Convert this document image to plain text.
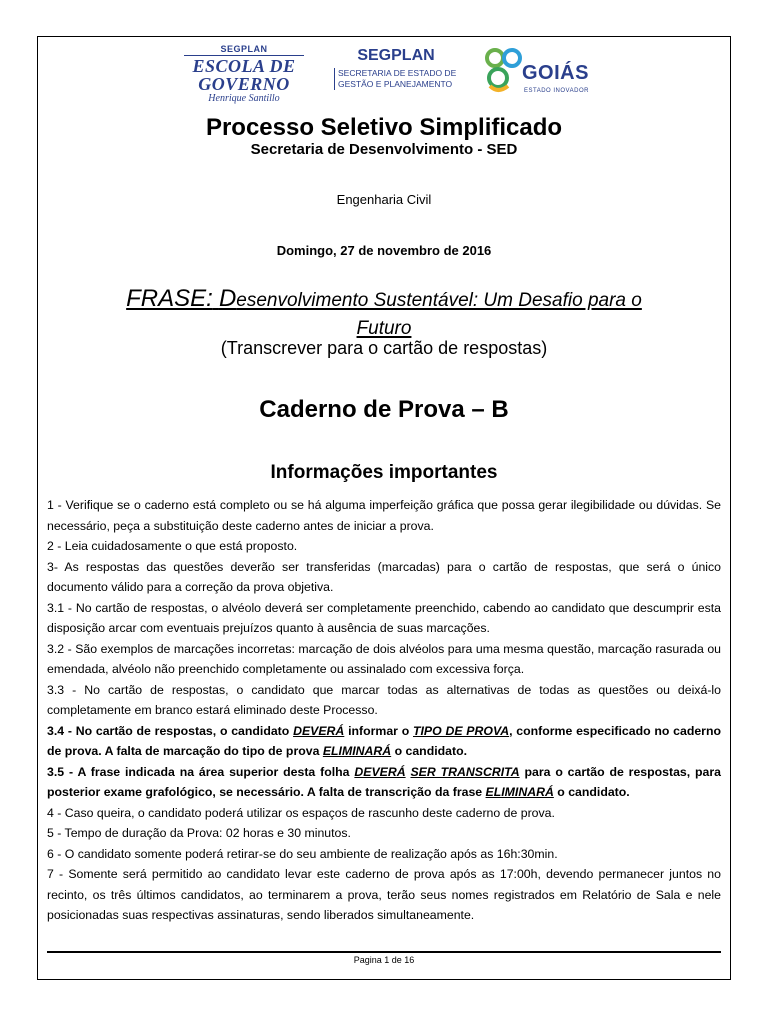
SEGPLAN
ESCOLA DE
GOVERNO
Henrique Santillo
SEGPLAN
SECRETARIA DE ESTADO DE
GESTÃO E PLANEJAMENTO	GOIÁS
ESTADO INOVADOR
Processo Seletivo Simplificado
Secretaria de Desenvolvimento - SED
Engenharia Civil
Domingo, 27 de novembro de 2016
FRASE: Desenvolvimento Sustentável: Um Desafio para o
Futuro
(Transcrever para o cartão de respostas)
Caderno de Prova – B
Informações importantes

1 - Verifique se o caderno está completo ou se há alguma imperfeição gráfica que possa gerar ilegibilidade ou dúvidas. Se necessário, peça a substituição deste caderno antes de iniciar a prova.

2 - Leia cuidadosamente o que está proposto.

3- As respostas das questões deverão ser transferidas (marcadas) para o cartão de respostas, que será o único documento válido para a correção da prova objetiva.

3.1 - No cartão de respostas, o alvéolo deverá ser completamente preenchido, cabendo ao candidato que descumprir esta disposição arcar com eventuais prejuízos quanto à ausência de suas marcações.

3.2 - São exemplos de marcações incorretas: marcação de dois alvéolos para uma mesma questão, marcação rasurada ou emendada, alvéolo não preenchido completamente ou assinalado com excessiva força.

3.3 - No cartão de respostas, o candidato que marcar todas as alternativas de todas as questões ou deixá-lo completamente em branco estará eliminado deste Processo.

3.4 - No cartão de respostas, o candidato DEVERÁ informar o TIPO DE PROVA, conforme especificado no caderno de prova. A falta de marcação do tipo de prova ELIMINARÁ o candidato.

3.5 - A frase indicada na área superior desta folha DEVERÁ SER TRANSCRITA para o cartão de respostas, para posterior exame grafológico, se necessário. A falta de transcrição da frase ELIMINARÁ o candidato.

4 - Caso queira, o candidato poderá utilizar os espaços de rascunho deste caderno de prova.

5 - Tempo de duração da Prova: 02 horas e 30 minutos.

6 - O candidato somente poderá retirar-se do seu ambiente de realização após as 16h:30min.

7 - Somente será permitido ao candidato levar este caderno de prova após as 17:00h, devendo permanecer juntos no recinto, os três últimos candidatos, ao terminarem a prova, terão seus nomes registrados em Relatório de Sala e nele posicionadas suas respectivas assinaturas, sendo liberados simultaneamente.

Pagina 1 de 16
